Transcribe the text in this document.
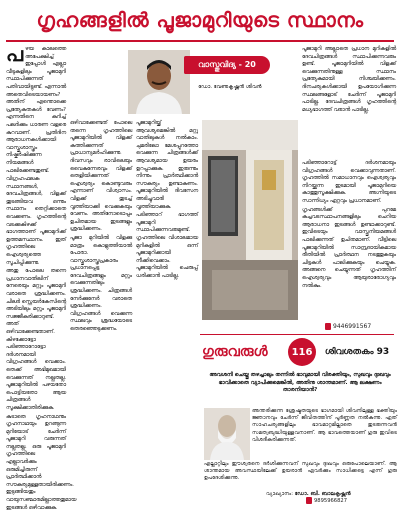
ഗൃഹങ്ങളിൽ പൂജാമുറിയുടെ സ്ഥാനം

പഴയ കാലത്തെ അപേക്ഷിച്ച് ഇപ്പോൾ എല്ലാ വീടുകളിലും പൂജാമുറി സ്ഥാപിക്കുന്നത് പതിവായിട്ടുണ്ട്. എന്നാൽ അതെവിടെയായണം? അതിന് എന്തൊക്കെ പ്രത്യേകതകൾ വേണം? എന്നതിനെ കുറിച്ച് പലർക്കും ധാരണ വളരെ കുറവാണ്. പ്രതിദിന ആരാധനകൾക്കായി വാസ്തുശാസ്ത്രം നിഷ്കർഷിക്കുന്ന നിയമങ്ങൾ പാലിക്കേണ്ടതുണ്ട്.

വിഗ്രഹഫലക സ്ഥാനങ്ങൾ, ദേവചിത്രങ്ങൾ, വിളക്ക് തുടങ്ങിയവ ഒന്നും സ്ഥാനം തെറ്റിക്കാതെ വെക്കണം. ഗൃഹത്തിന്റെ വടക്കുകിഴക്ക് ഭാഗത്താണ് പൂജാമുറിക്ക് ഉത്തമസ്ഥാനം. ഇത് ഗൃഹത്തിലെ ഐശ്വര്യത്തെ സൂചിപ്പിക്കുന്നു.

അതു പോലെ തന്നെ പ്രധാനവാതിലിന് നേരെയും മറ്റും പൂജാമുറി വരാതെ ശ്രദ്ധിക്കണം. ചിലർ സ്റ്റെയർകേസിന്റെ അടിയിലും മറ്റും പൂജാമുറി സജ്ജീകരിക്കാറുണ്ട്. അത് ഒഴിവാക്കേണ്ടതാണ്. കിഴക്കോട്ടോ പടിഞ്ഞാറോട്ടോ ദർശനമായി വിഗ്രഹങ്ങൾ വെക്കാം. തെക്ക് അഭിമുഖമായി വെക്കുന്നത് നല്ലതല്ല. പൂജാമുറിയിൽ പഴയതോ പൊട്ടിയതോ ആയ ചിത്രങ്ങൾ സൂക്ഷിക്കാതിരിക്കുക.

കുടാതെ ഗൃഹനാഥനും ഗൃഹനാഥയും ഉറങ്ങുന്ന മുറിയോട് ചേർന്ന് പൂജാമുറി വരുന്നത് നല്ലതല്ല. ഒരു പൂജാമുറി ഗൃഹത്തിലെ എല്ലാവർക്കും ഒരുമിച്ചിരുന്ന് പ്രാർത്ഥിക്കാൻ സൗകര്യമുള്ളതായിരിക്കണം. ഇടുങ്ങിയതും വായുസഞ്ചാരമില്ലാത്തതുമായ ഇടങ്ങൾ ഒഴിവാക്കുക.

ഒഴിവാക്കേണ്ടത് പോലെ തന്നെ ഗൃഹത്തിലെ പൂജാമുറിയിൽ വിളക്ക് കത്തിക്കുന്നത് പ്രാധാന്യമർഹിക്കുന്നു. ദിവസവും രാവിലെയും വൈകുന്നേരവും വിളക്ക് തെളിയിക്കുന്നത് ഐശ്വര്യം കൊണ്ടുവരും എന്നാണ് വിശ്വാസം. വിളക്ക് തുടച്ച് വൃത്തിയാക്കി വെക്കുകയും വേണം. അതിനോടൊപ്പം ഉചിതമായ ഇടങ്ങളും ശ്രദ്ധിക്കണം.

പൂജാ മുറിയിൽ വിളക്കു മാത്രം കൊളുത്തിയാൽ പോരാ. വാസ്തുശാസ്ത്രപ്രകാരം പ്രധാനപ്പെട്ട ദേവചിത്രങ്ങളും മറ്റും വെക്കുന്നതിലും ശ്രദ്ധിക്കണം. ചിത്രങ്ങൾ നേർക്കുനേർ വരാതെ ശ്രദ്ധിക്കണം. വിഗ്രഹങ്ങൾ വെക്കുന്ന സ്ഥലവും ശ്രദ്ധയോടെ തെരഞ്ഞെടുക്കണം.

പൂജാമുറിയ്ക്ക് ആവശ്യമെങ്കിൽ മറ്റു വാതിലുകൾ നൽകാം. ചുമരിലോ മേശപ്പുറത്തോ വെക്കുന്ന ചിത്രങ്ങൾക്ക് ആവശ്യമായ ഉയരം ഉറപ്പാക്കുക. ഇരുന്നും നിന്നും പ്രാർത്ഥിക്കാൻ സൗകര്യം ഉണ്ടാകണം. പൂജാമുറിയിൽ ദിവസേന അടിച്ചുവാരി വൃത്തിയാക്കുക.

പടിഞ്ഞാറ് ഭാഗത്ത് പൂജാമുറി സ്ഥാപിക്കുന്നവരുമുണ്ട്. ഗൃഹത്തിലെ വിശാലമായ മുറികളിൽ ഒന്ന് പൂജാമുറിക്കായി നീക്കിവെക്കാം. പൂജാമുറിയിൽ ചെരുപ്പ് ധരിക്കാൻ പാടില്ല.

വാസ്തുവിദ്യ - 20
ഡോ. വേണുകൃഷ്ണൻ ശിവൻ

പൂജാമുറി അല്ലാതെ പ്രധാന മുറികളിൽ ദേവചിത്രങ്ങൾ സ്ഥാപിക്കുന്നവരും ഉണ്ട്. പൂജാമുറിയിൽ വിളക്ക് വെക്കുന്നതിനുള്ള സ്ഥാനം പ്രത്യേകമായി നിശ്ചയിക്കണം. ദിനചര്യകൾക്കായി ഉപയോഗിക്കുന്ന സ്ഥലങ്ങളോട് ചേർന്ന് പൂജാമുറി പാടില്ല. ദേവചിത്രങ്ങൾ ഗൃഹത്തിന്റെ മധ്യഭാഗത്ത് വരാൻ പാടില്ല.

പടിഞ്ഞാറോട്ട് ദർശനമായും വിഗ്രഹങ്ങൾ വെക്കാവുന്നതാണ്. ഗൃഹത്തിൽ സമാധാനവും ഐശ്വര്യവും നിറയ്ക്കുന്ന ഇടമായി പൂജാമുറിയെ കാത്തുസൂക്ഷിക്കുക. അഗ്നിയുടെ സാന്നിധ്യം ഏറ്റവും പ്രധാനമാണ്.

ഗൃഹങ്ങൾക്ക് പുറമേ കച്ചവടസ്ഥാപനങ്ങളിലും ചെറിയ ആരാധനാ ഇടങ്ങൾ ഉണ്ടാക്കാറുണ്ട്. ഇവിടെയും വാസ്തുനിയമങ്ങൾ പാലിക്കുന്നത് ഉചിതമാണ്. വീട്ടിലെ പൂജാമുറിയിൽ സാമ്പ്രദായികമായ രീതിയിൽ പ്രാർത്ഥന നടത്തുകയും ചിട്ടകൾ പാലിക്കുകയും ചെയ്യുക. അങ്ങനെ ചെയ്യുന്നത് ഗൃഹത്തിന് ഐശ്വര്യവും ആയുരാരോഗ്യവും നൽകും.

9446991567
ഗുരുവരുൾ	116	ശിവശതകം 93
അവശനി ചെയ്തു തഴച്ചാലും തന്നിൽ ഭാവുമായി വിരക്തിയും, സുഖവും ദുഃഖവും ഭാവിക്കാതെ വ്യാപിക്കുമെങ്കിൽ, അതിനു ശാന്തമാണ്. ആ ലക്ഷണം താരനിയാൻ?
അന്തരിക്കുന്ന ശ്രേഷ്ഠതയുടെ ഭാഗമായി ശിവനിലുള്ള ഭക്തിയും ജ്ഞാനവും ചേർന്ന് ജീവിതത്തിന് പൂർണ്ണത നൽകുന്നു. ഏത് സാഹചര്യങ്ങളിലും ഭാവമാറ്റമില്ലാതെ തുടരുന്നവൻ സമത്വബുദ്ധിയുള്ളവനാണ്. ആ ഭാവത്തെയാണ് ഗുരു ഇവിടെ വിശദീകരിക്കുന്നത്.
എല്ലാറ്റിലും ഈശ്വരനെ ദർശിക്കുന്നവന് സുഖവും ദുഃഖവും ഒരുപോലെയാണ്. ആ ശാന്തമായ അവസ്ഥയിലേക്ക് ഉയരാൻ ഏവർക്കും സാധിക്കട്ടെ എന്ന് ഗുരു ഉപദേശിക്കുന്നു.
വ്യാഖ്യാനം: ഡോ. ബി. ബാലകൃഷ്ണൻ
9895966827
